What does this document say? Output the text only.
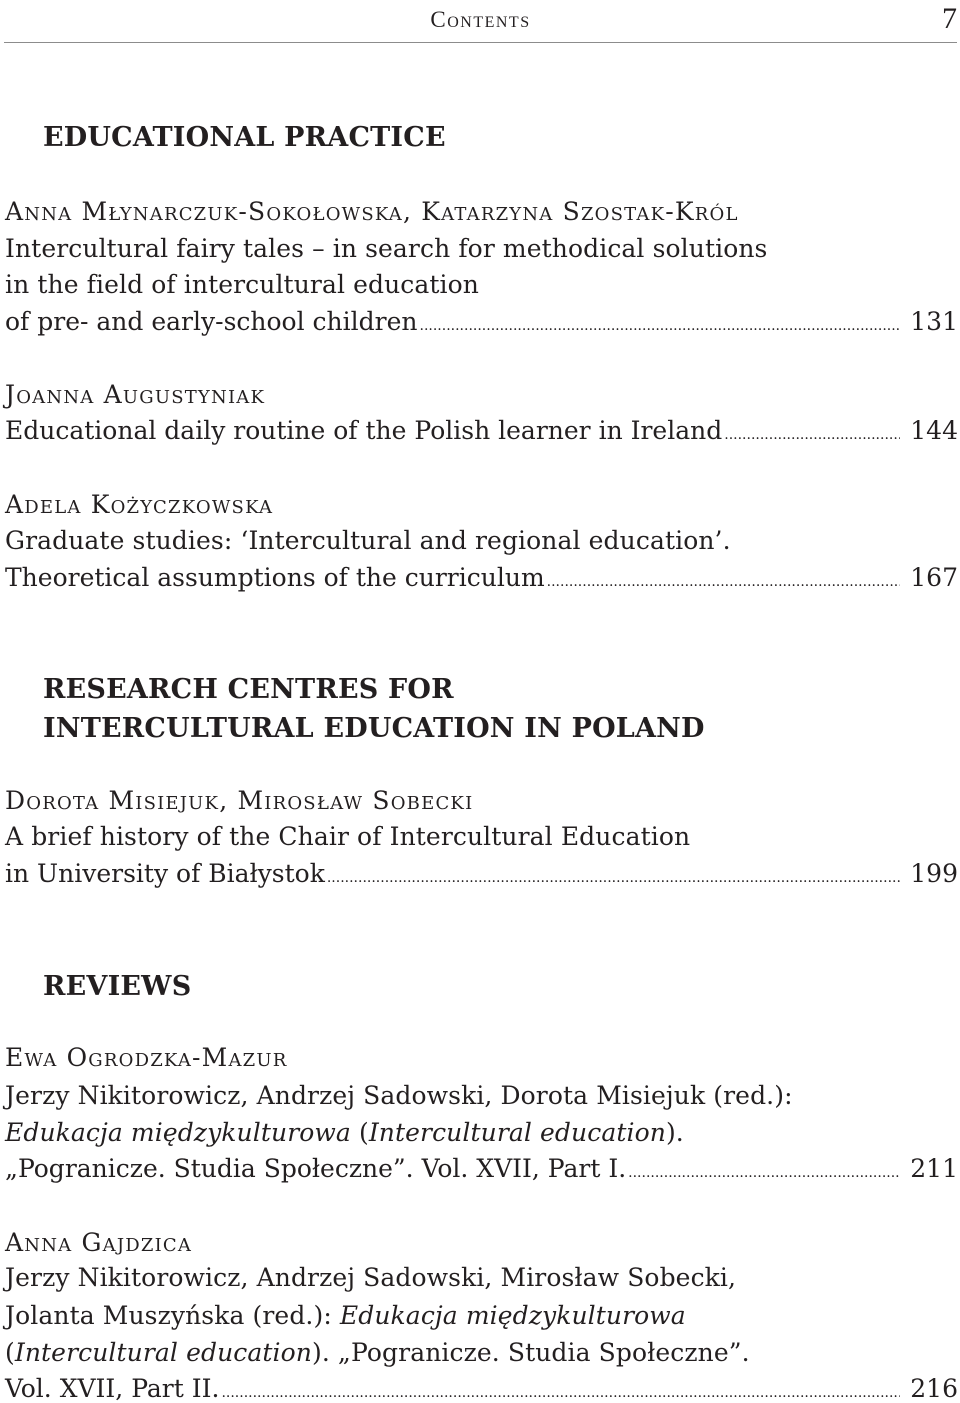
Contents	7
EDUCATIONAL PRACTICE
Anna Młynarczuk-Sokołowska, Katarzyna Szostak-Król
Intercultural fairy tales – in search for methodical solutions
in the field of intercultural education
of pre- and early-school children .....	131
Joanna Augustyniak
Educational daily routine of the Polish learner in Ireland .....	144
Adela Kożyczkowska
Graduate studies: ‘Intercultural and regional education’.
Theoretical assumptions of the curriculum .....	167
RESEARCH CENTRES FOR
INTERCULTURAL EDUCATION IN POLAND
Dorota Misiejuk, Mirosław Sobecki
A brief history of the Chair of Intercultural Education
in University of Białystok .....	199
REVIEWS
Ewa Ogrodzka-Mazur
Jerzy Nikitorowicz, Andrzej Sadowski, Dorota Misiejuk (red.):
Edukacja międzykulturowa (Intercultural education).
„Pogranicze. Studia Społeczne”. Vol. XVII, Part I. .....	211
Anna Gajdzica
Jerzy Nikitorowicz, Andrzej Sadowski, Mirosław Sobecki,
Jolanta Muszyńska (red.): Edukacja międzykulturowa
(Intercultural education). „Pogranicze. Studia Społeczne”.
Vol. XVII, Part II. .....	216
